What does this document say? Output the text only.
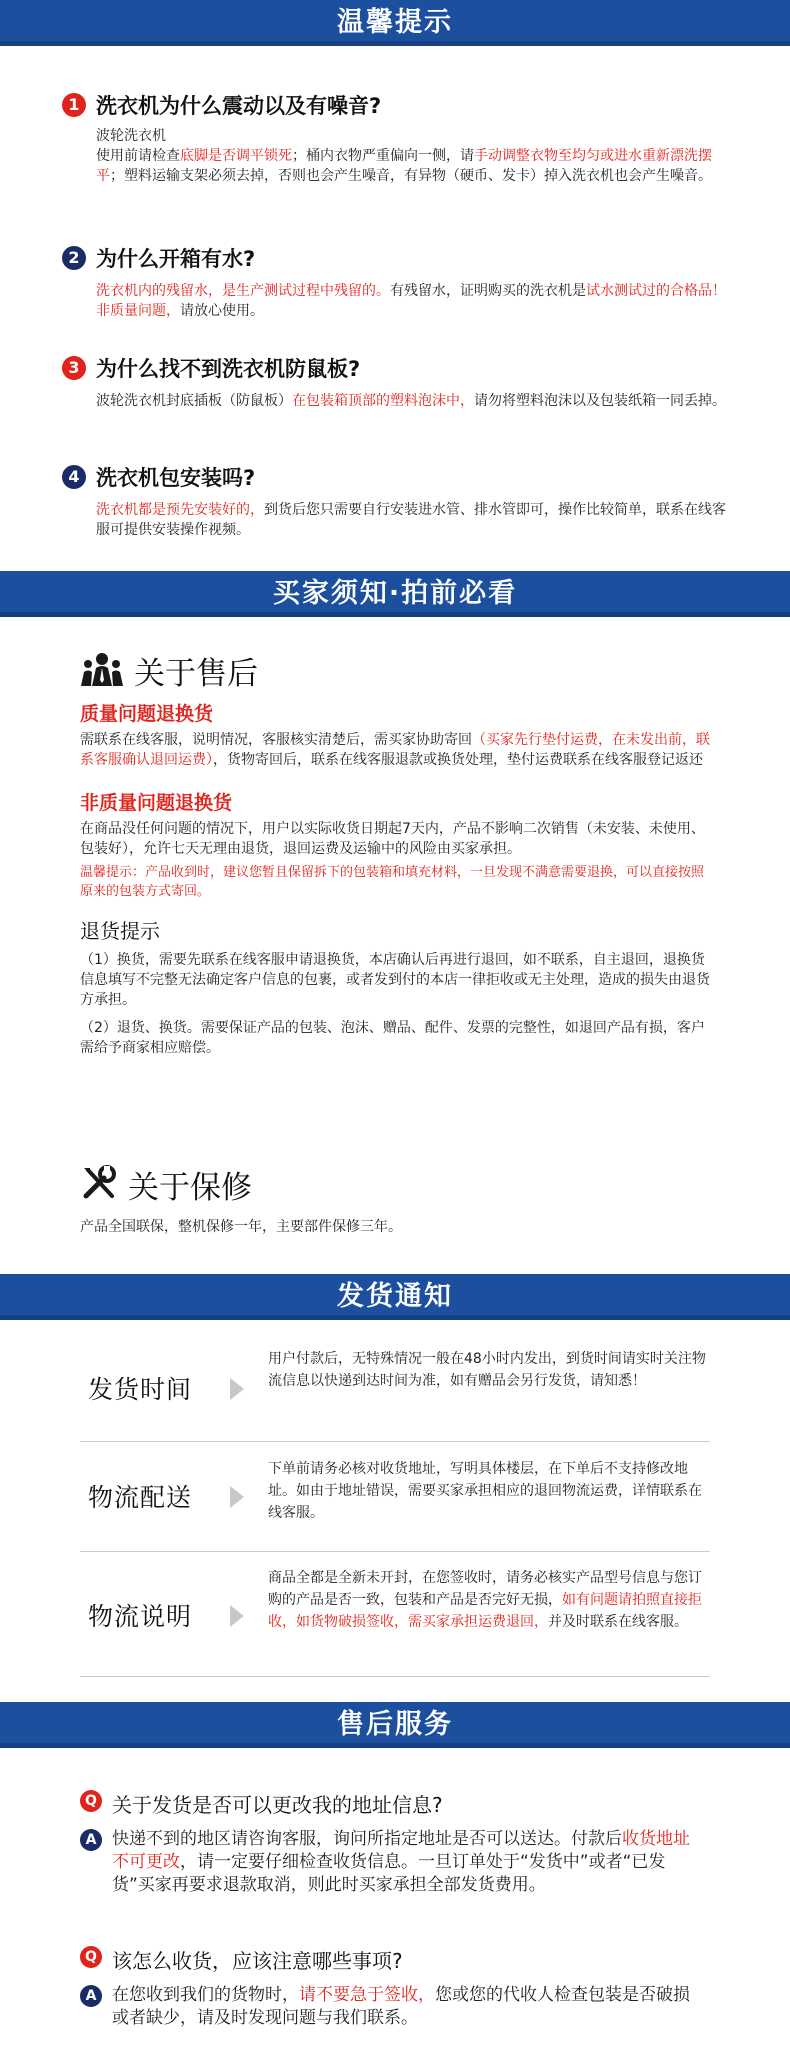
温馨提示
1 洗衣机为什么震动以及有噪音?
波轮洗衣机
使用前请检查底脚是否调平锁死；桶内衣物严重偏向一侧，请手动调整衣物至均匀或进水重新漂洗摆平；塑料运输支架必须去掉，否则也会产生噪音，有异物（硬币、发卡）掉入洗衣机也会产生噪音。
2 为什么开箱有水?
洗衣机内的残留水，是生产测试过程中残留的。有残留水，证明购买的洗衣机是试水测试过的合格品！非质量问题，请放心使用。
3 为什么找不到洗衣机防鼠板?
波轮洗衣机封底插板（防鼠板）在包装箱顶部的塑料泡沫中，请勿将塑料泡沫以及包装纸箱一同丢掉。
4 洗衣机包安装吗?
洗衣机都是预先安装好的，到货后您只需要自行安装进水管、排水管即可，操作比较简单，联系在线客服可提供安装操作视频。
买家须知·拍前必看
关于售后
质量问题退换货
需联系在线客服，说明情况，客服核实清楚后，需买家协助寄回（买家先行垫付运费，在未发出前，联系客服确认退回运费），货物寄回后，联系在线客服退款或换货处理，垫付运费联系在线客服登记返还
非质量问题退换货
在商品没任何问题的情况下，用户以实际收货日期起7天内，产品不影响二次销售（未安装、未使用、包装好），允许七天无理由退货，退回运费及运输中的风险由买家承担。
温馨提示：产品收到时，建议您暂且保留拆下的包装箱和填充材料，一旦发现不满意需要退换，可以直接按照原来的包装方式寄回。
退货提示
（1）换货，需要先联系在线客服申请退换货，本店确认后再进行退回，如不联系，自主退回，退换货信息填写不完整无法确定客户信息的包裹，或者发到付的本店一律拒收或无主处理，造成的损失由退货方承担。
（2）退货、换货。需要保证产品的包装、泡沫、赠品、配件、发票的完整性，如退回产品有损，客户需给予商家相应赔偿。
关于保修
产品全国联保，整机保修一年，主要部件保修三年。
发货通知
发货时间
用户付款后，无特殊情况一般在48小时内发出，到货时间请实时关注物流信息以快递到达时间为准，如有赠品会另行发货，请知悉！
物流配送
下单前请务必核对收货地址，写明具体楼层，在下单后不支持修改地址。如由于地址错误，需要买家承担相应的退回物流运费，详情联系在线客服。
物流说明
商品全都是全新未开封，在您签收时，请务必核实产品型号信息与您订购的产品是否一致，包装和产品是否完好无损，如有问题请拍照直接拒收，如货物破损签收，需买家承担运费退回，并及时联系在线客服。
售后服务
Q 关于发货是否可以更改我的地址信息?
A 快递不到的地区请咨询客服，询问所指定地址是否可以送达。付款后收货地址不可更改，请一定要仔细检查收货信息。一旦订单处于“发货中”或者“已发货”买家再要求退款取消，则此时买家承担全部发货费用。
Q 该怎么收货，应该注意哪些事项?
A 在您收到我们的货物时，请不要急于签收，您或您的代收人检查包装是否破损或者缺少，请及时发现问题与我们联系。
